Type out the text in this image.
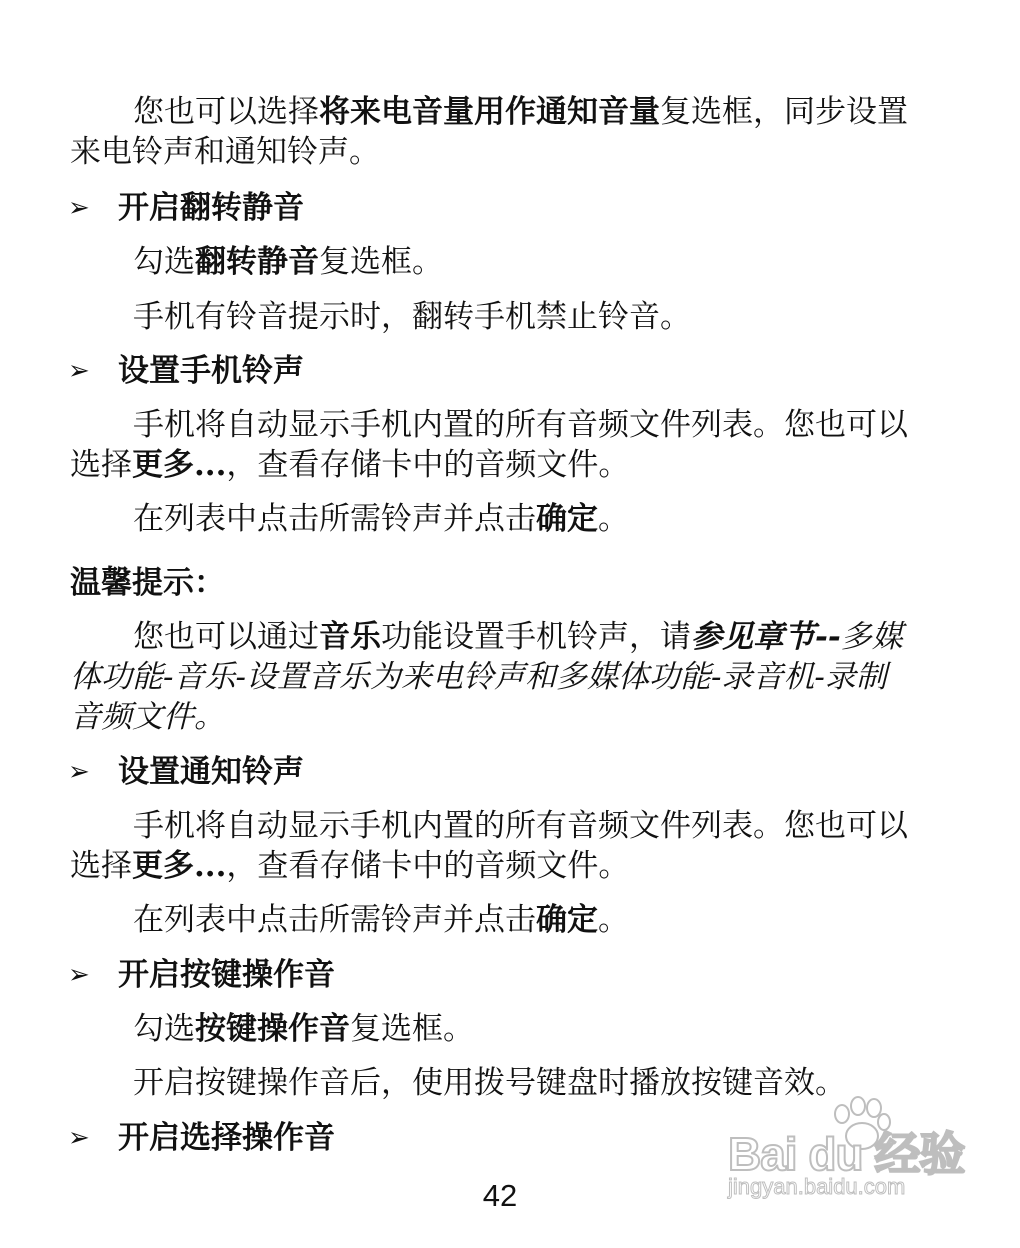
您也可以选择将来电音量用作通知音量复选框，同步设置
来电铃声和通知铃声。
➢ 开启翻转静音
勾选翻转静音复选框。
手机有铃音提示时，翻转手机禁止铃音。
➢ 设置手机铃声
手机将自动显示手机内置的所有音频文件列表。您也可以
选择更多...，查看存储卡中的音频文件。
在列表中点击所需铃声并点击确定。
温馨提示：
您也可以通过音乐功能设置手机铃声，请参见章节--多媒
体功能-音乐-设置音乐为来电铃声和多媒体功能-录音机-录制
音频文件。
➢ 设置通知铃声
手机将自动显示手机内置的所有音频文件列表。您也可以
选择更多...，查看存储卡中的音频文件。
在列表中点击所需铃声并点击确定。
➢ 开启按键操作音
勾选按键操作音复选框。
开启按键操作音后，使用拨号键盘时播放按键音效。
➢ 开启选择操作音	Bai du 经验
jingyan.baidu.com
42
